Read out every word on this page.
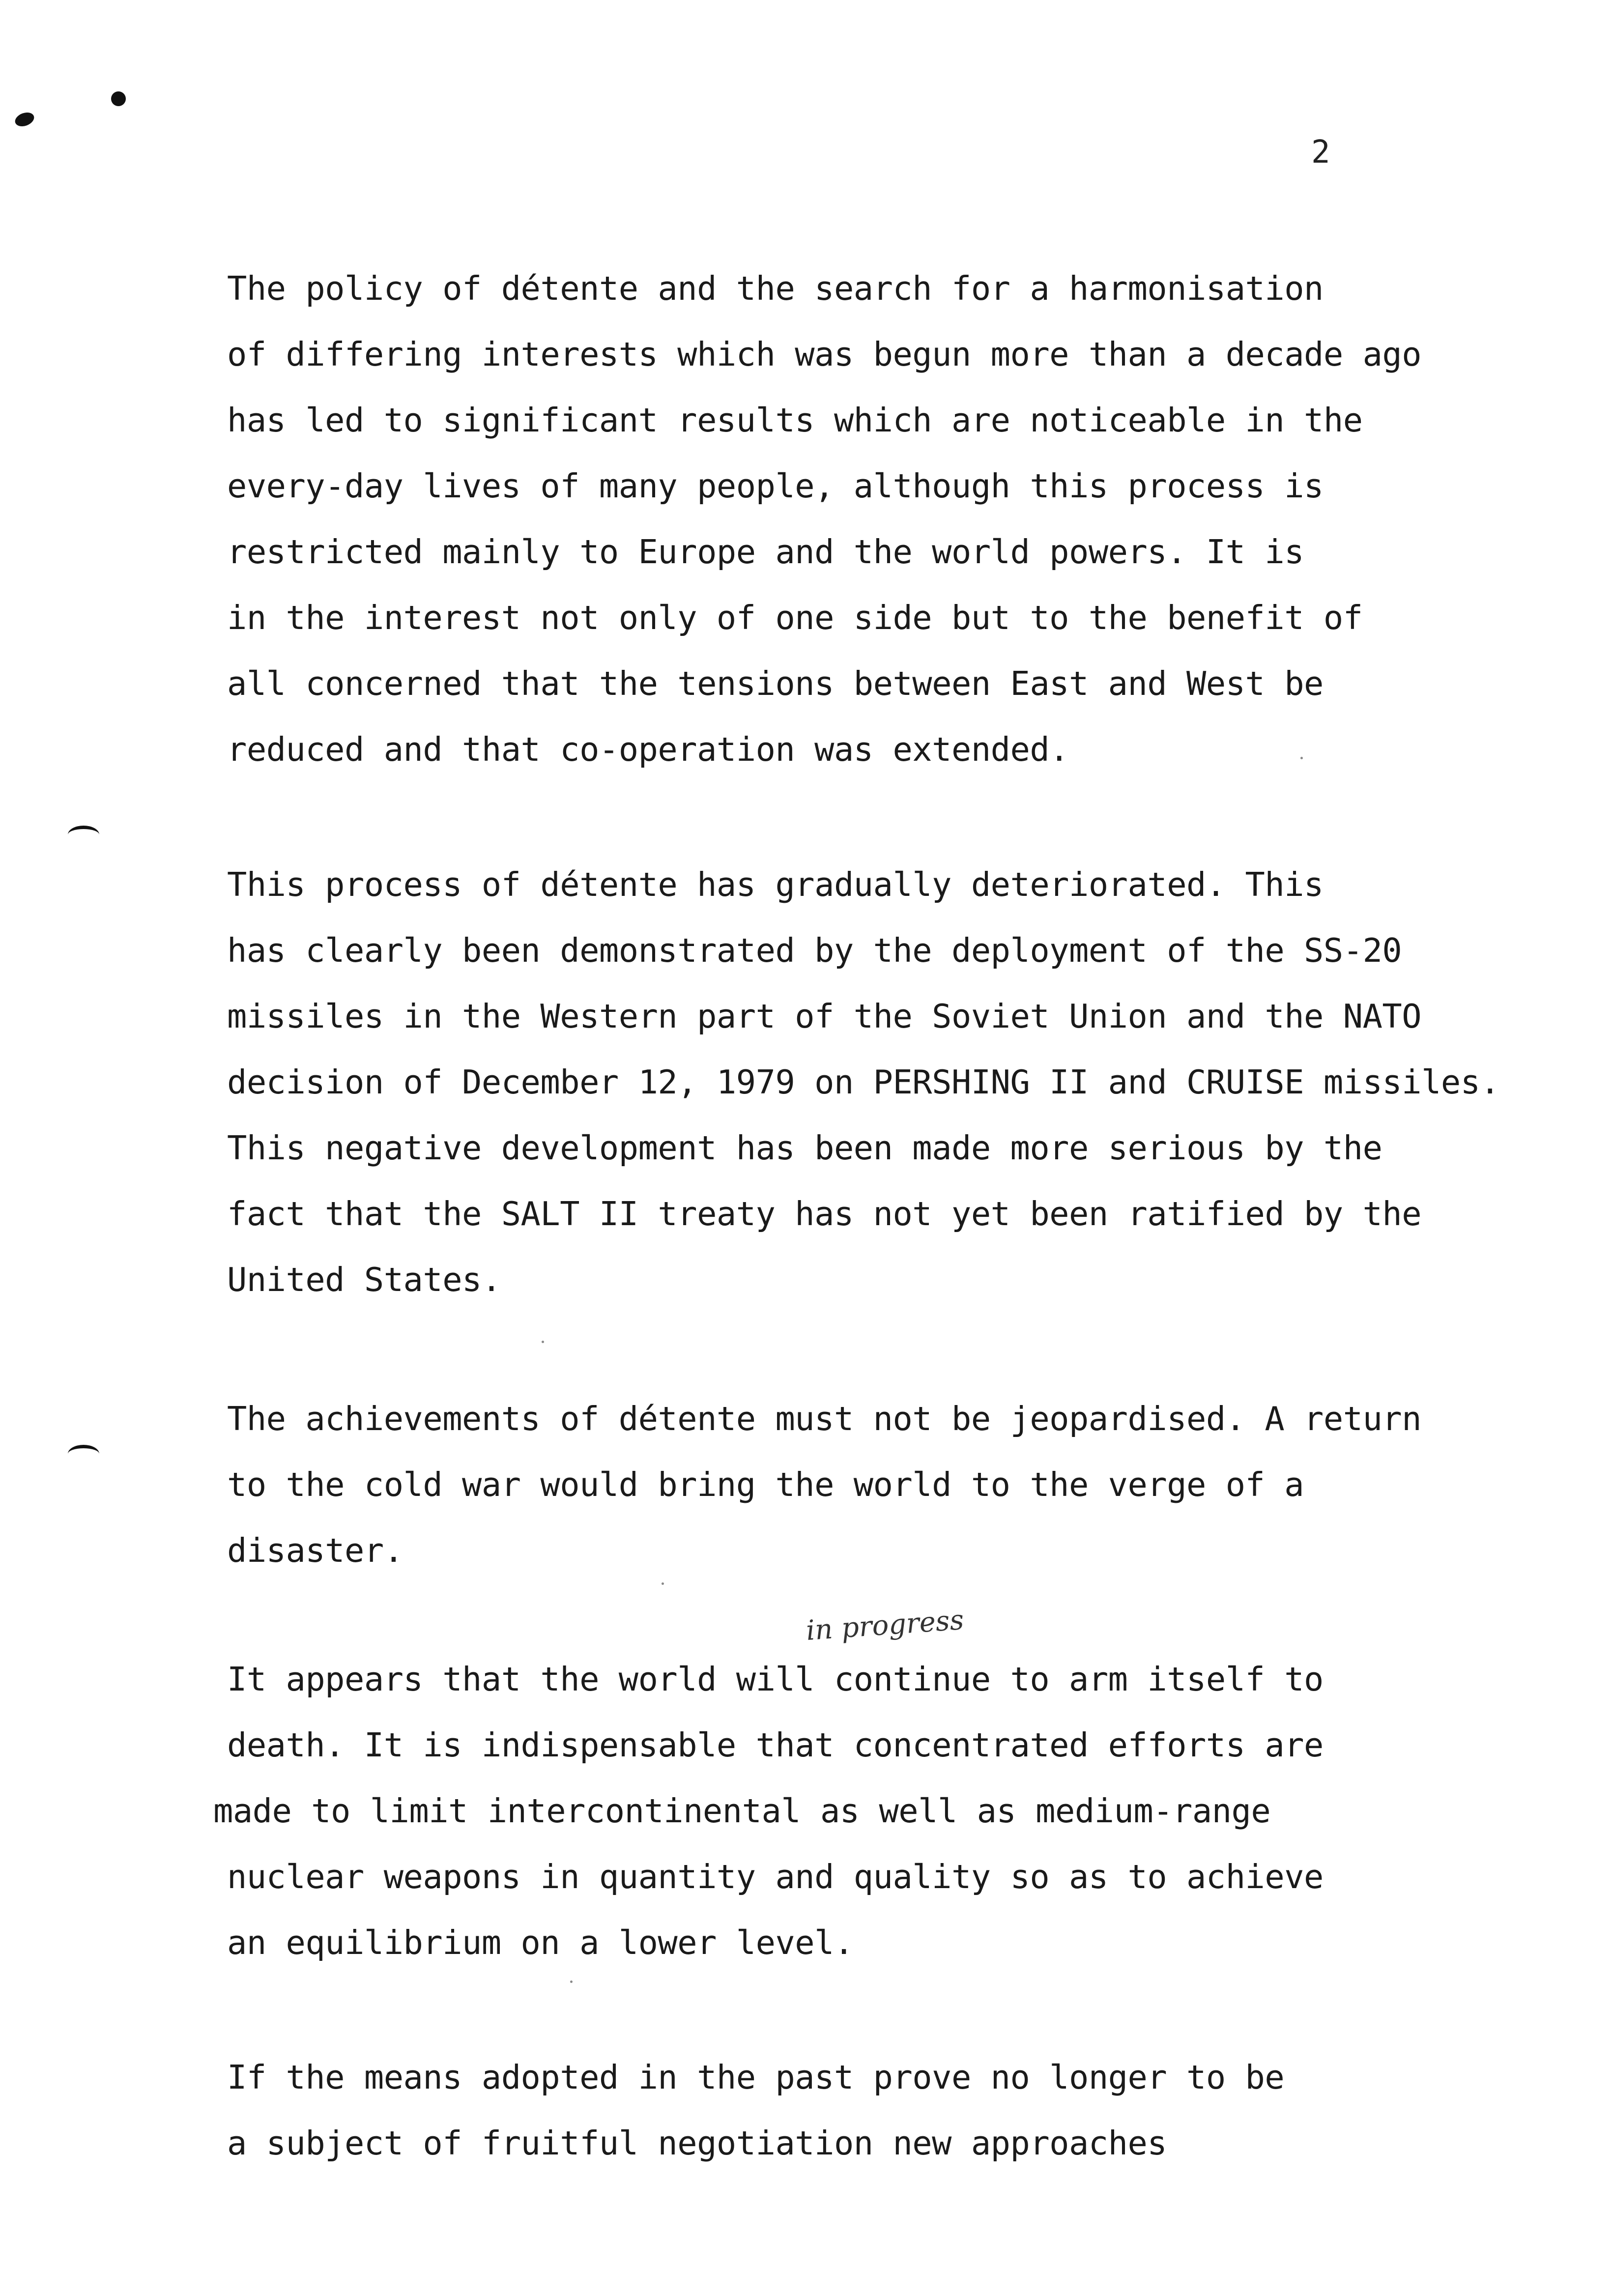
2
in progress
The policy of détente and the search for a harmonisation
of differing interests which was begun more than a decade ago
has led to significant results which are noticeable in the
every-day lives of many people, although this process is
restricted mainly to Europe and the world powers. It is
in the interest not only of one side but to the benefit of
all concerned that the tensions between East and West be
reduced and that co-operation was extended.
This process of détente has gradually deteriorated. This
has clearly been demonstrated by the deployment of the SS-20
missiles in the Western part of the Soviet Union and the NATO
decision of December 12, 1979 on PERSHING II and CRUISE missiles.
This negative development has been made more serious by the
fact that the SALT II treaty has not yet been ratified by the
United States.
The achievements of détente must not be jeopardised. A return
to the cold war would bring the world to the verge of a
disaster.
It appears that the world will continue to arm itself to
death. It is indispensable that concentrated efforts are
made to limit intercontinental as well as medium-range
nuclear weapons in quantity and quality so as to achieve
an equilibrium on a lower level.
If the means adopted in the past prove no longer to be
a subject of fruitful negotiation new approaches
